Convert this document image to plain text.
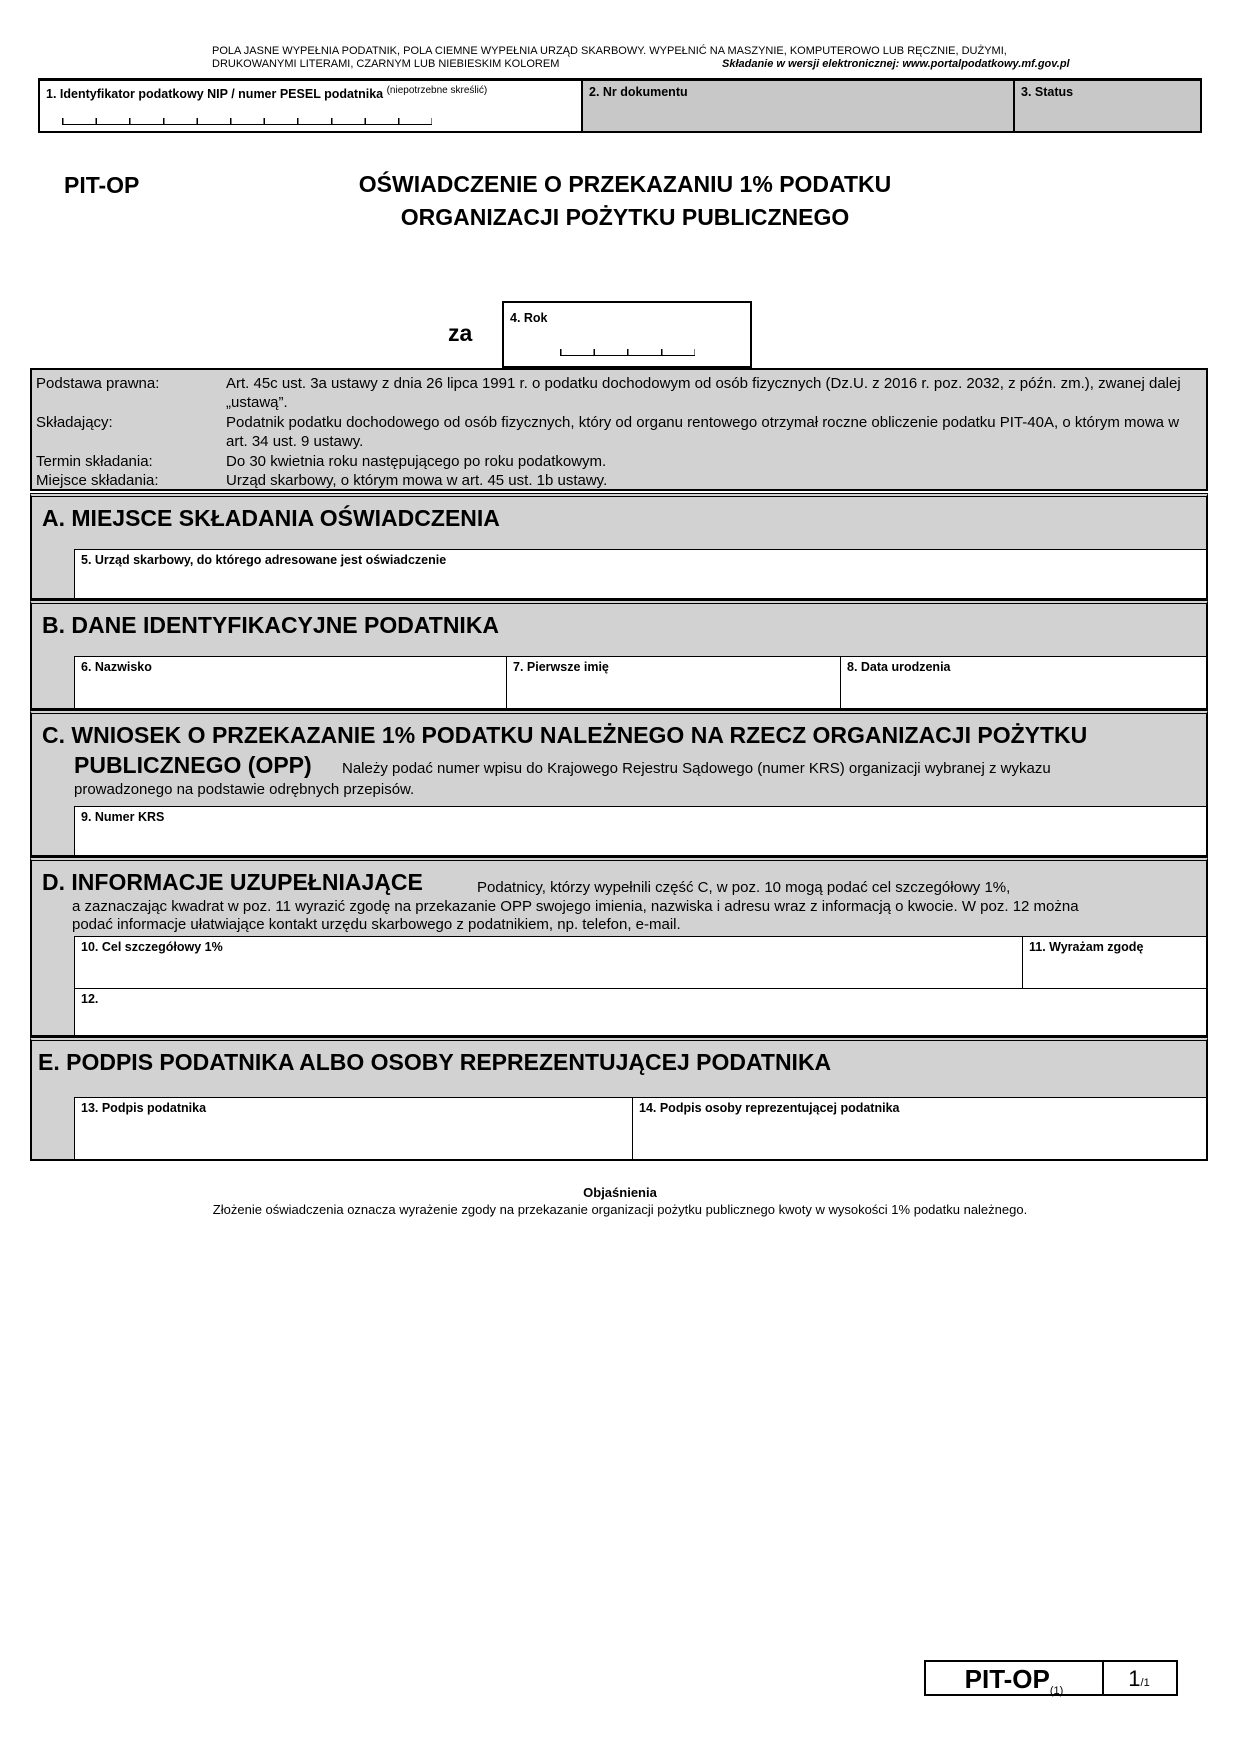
POLA JASNE WYPEŁNIA PODATNIK, POLA CIEMNE WYPEŁNIA URZĄD SKARBOWY. WYPEŁNIĆ NA MASZYNIE, KOMPUTEROWO LUB RĘCZNIE, DUŻYMI,
DRUKOWANYMI LITERAMI, CZARNYM LUB NIEBIESKIM KOLOREM	Składanie w wersji elektronicznej: www.portalpodatkowy.mf.gov.pl
1. Identyfikator podatkowy NIP / numer PESEL podatnika $^{(niepotrzebne skreślić)}$	2. Nr dokumentu	3. Status
PIT-OP	OŚWIADCZENIE O PRZEKAZANIU 1% PODATKU
ORGANIZACJI POŻYTKU PUBLICZNEGO
za
4. Rok
Podstawa prawna:	Art. 45c ust. 3a ustawy z dnia 26 lipca 1991 r. o podatku dochodowym od osób fizycznych (Dz.U. z 2016 r. poz. 2032, z późn. zm.), zwanej dalej „ustawą”.
Składający:	Podatnik podatku dochodowego od osób fizycznych, który od organu rentowego otrzymał roczne obliczenie podatku PIT-40A, o którym mowa w art. 34 ust. 9 ustawy.
Termin składania:	Do 30 kwietnia roku następującego po roku podatkowym.
Miejsce składania:	Urząd skarbowy, o którym mowa w art. 45 ust. 1b ustawy.
A. MIEJSCE SKŁADANIA OŚWIADCZENIA
5. Urząd skarbowy, do którego adresowane jest oświadczenie
B. DANE IDENTYFIKACYJNE PODATNIKA
6. Nazwisko	7. Pierwsze imię	8. Data urodzenia
C. WNIOSEK O PRZEKAZANIE 1% PODATKU NALEŻNEGO NA RZECZ ORGANIZACJI POŻYTKU
PUBLICZNEGO (OPP) Należy podać numer wpisu do Krajowego Rejestru Sądowego (numer KRS) organizacji wybranej z wykazu
prowadzonego na podstawie odrębnych przepisów.
9. Numer KRS
D. INFORMACJE UZUPEŁNIAJĄCE	Podatnicy, którzy wypełnili część C, w poz. 10 mogą podać cel szczegółowy 1%,
a zaznaczając kwadrat w poz. 11 wyrazić zgodę na przekazanie OPP swojego imienia, nazwiska i adresu wraz z informacją o kwocie. W poz. 12 można
podać informacje ułatwiające kontakt urzędu skarbowego z podatnikiem, np. telefon, e-mail.
10. Cel szczegółowy 1%	11. Wyrażam zgodę
12.
E. PODPIS PODATNIKA ALBO OSOBY REPREZENTUJĄCEJ PODATNIKA
13. Podpis podatnika	14. Podpis osoby reprezentującej podatnika
Objaśnienia
Złożenie oświadczenia oznacza wyrażenie zgody na przekazanie organizacji pożytku publicznego kwoty w wysokości 1% podatku należnego.
PIT-$OP_{(1)}$
1/1
